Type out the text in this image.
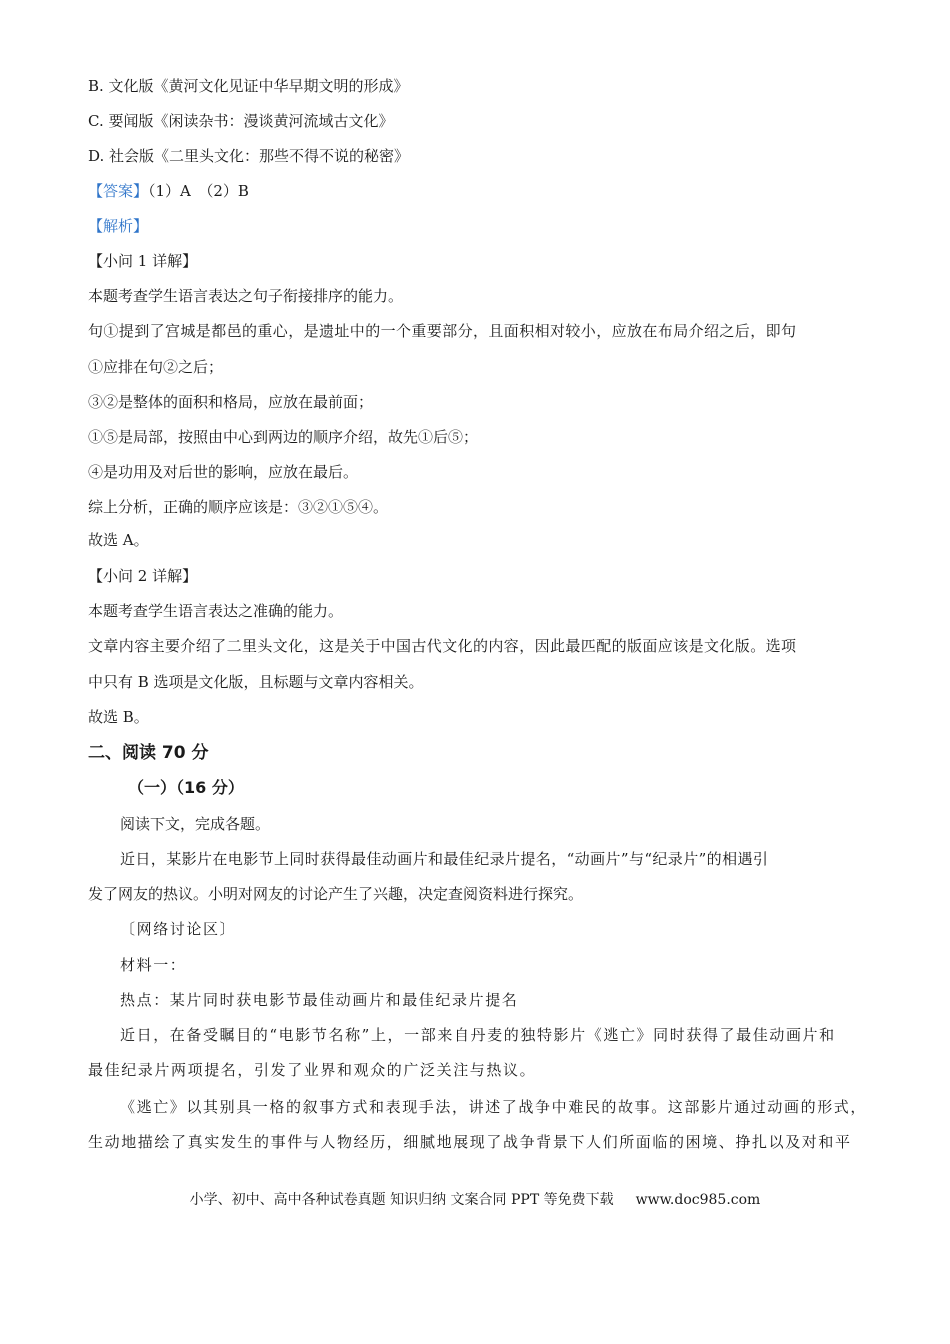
B. 文化版《黄河文化见证中华早期文明的形成》
C. 要闻版《闲读杂书：漫谈黄河流域古文化》
D. 社会版《二里头文化：那些不得不说的秘密》
【答案】（1）A　（2）B
【解析】
【小问 1 详解】
本题考查学生语言表达之句子衔接排序的能力。
句①提到了宫城是都邑的重心，是遗址中的一个重要部分，且面积相对较小，应放在布局介绍之后，即句
①应排在句②之后；
③②是整体的面积和格局，应放在最前面；
①⑤是局部，按照由中心到两边的顺序介绍，故先①后⑤；
④是功用及对后世的影响，应放在最后。
综上分析，正确的顺序应该是：③②①⑤④。
故选 A。
【小问 2 详解】
本题考查学生语言表达之准确的能力。
文章内容主要介绍了二里头文化，这是关于中国古代文化的内容，因此最匹配的版面应该是文化版。选项
中只有 B 选项是文化版，且标题与文章内容相关。
故选 B。
二、阅读 70 分
（一）（16 分）
阅读下文，完成各题。
近日，某影片在电影节上同时获得最佳动画片和最佳纪录片提名，“动画片”与“纪录片”的相遇引
发了网友的热议。小明对网友的讨论产生了兴趣，决定查阅资料进行探究。
〔网络讨论区〕
材料一：
热点：某片同时获电影节最佳动画片和最佳纪录片提名
近日，在备受瞩目的“电影节名称”上，一部来自丹麦的独特影片《逃亡》同时获得了最佳动画片和
最佳纪录片两项提名，引发了业界和观众的广泛关注与热议。
《逃亡》以其别具一格的叙事方式和表现手法，讲述了战争中难民的故事。这部影片通过动画的形式，
生动地描绘了真实发生的事件与人物经历，细腻地展现了战争背景下人们所面临的困境、挣扎以及对和平
小学、初中、高中各种试卷真题 知识归纳 文案合同 PPT 等免费下载 www.doc985.com
